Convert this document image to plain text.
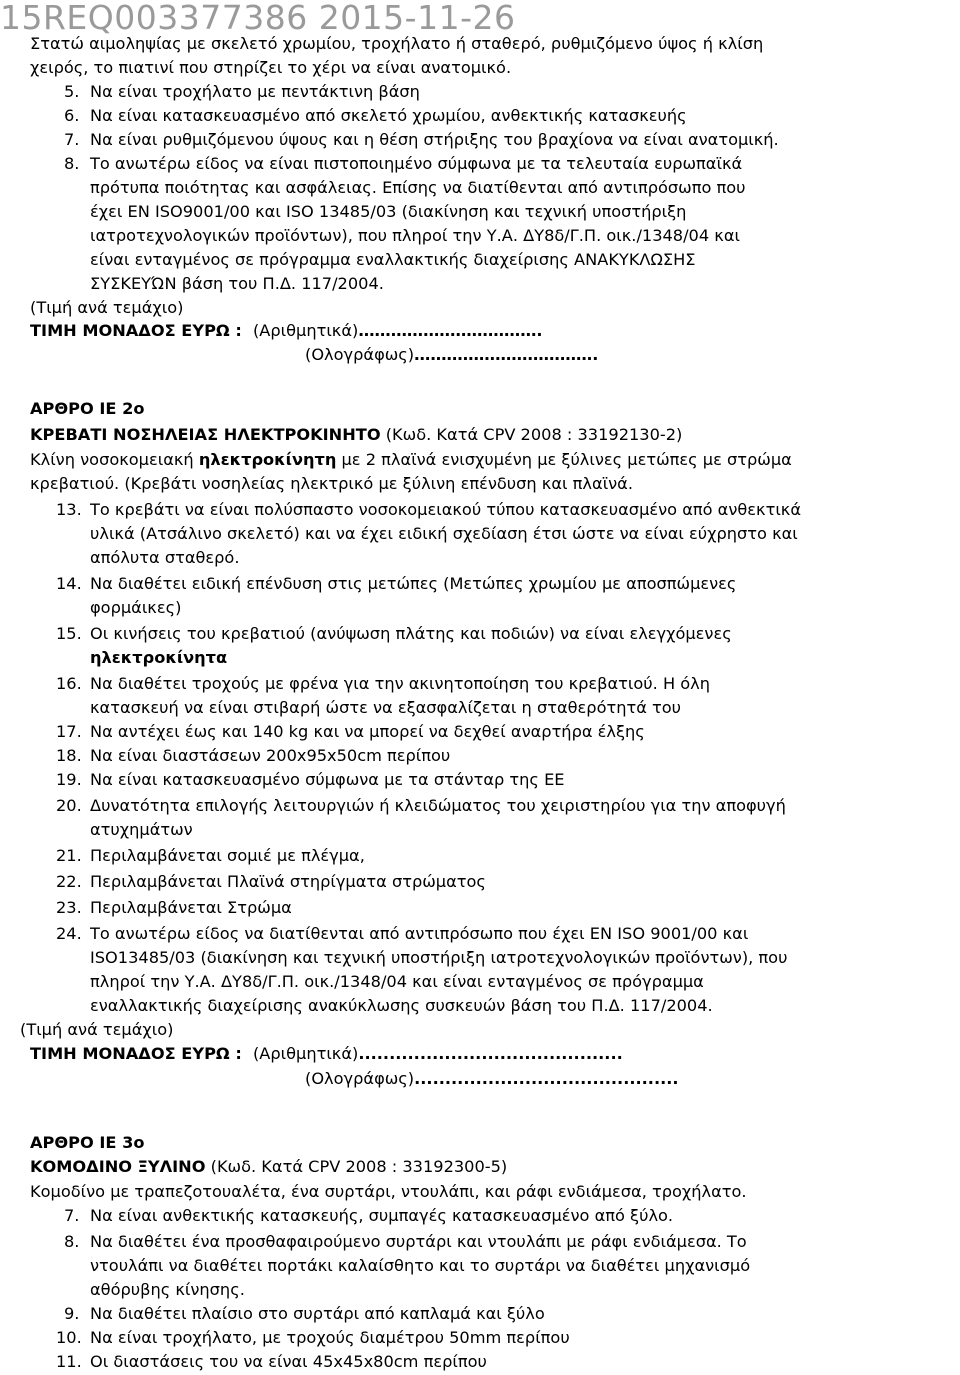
15REQ003377386 2015-11-26
Στατώ αιμοληψίας με σκελετό χρωμίου, τροχήλατο ή σταθερό, ρυθμιζόμενο ύψος ή κλίση
χειρός, το πιατινί που στηρίζει το χέρι να είναι ανατομικό.
5. Να είναι τροχήλατο με πεντάκτινη βάση
6. Να είναι κατασκευασμένο από σκελετό χρωμίου, ανθεκτικής κατασκευής
7. Να είναι ρυθμιζόμενου ύψους και η θέση στήριξης του βραχίονα να είναι ανατομική.
8. Το ανωτέρω είδος να είναι πιστοποιημένο σύμφωνα με τα τελευταία ευρωπαϊκά
πρότυπα ποιότητας και ασφάλειας. Επίσης να διατίθενται από αντιπρόσωπο που
έχει EN ISO9001/00 και ISO 13485/03 (διακίνηση και τεχνική υποστήριξη
ιατροτεχνολογικών προϊόντων), που πληροί την Υ.Α. ΔΥ8δ/Γ.Π. οικ./1348/04 και
είναι ενταγμένος σε πρόγραμμα εναλλακτικής διαχείρισης ΑΝΑΚΥΚΛΩΣΗΣ
ΣΥΣΚΕΥΏΝ βάση του Π.Δ. 117/2004.
(Τιμή ανά τεμάχιο)
ΤΙΜΗ ΜΟΝΑΔΟΣ ΕΥΡΩ : (Αριθμητικά)…………………………….
(Ολογράφως)…………………………….
ΑΡΘΡΟ ΙΕ 2ο
ΚΡΕΒΑΤΙ ΝΟΣΗΛΕΙΑΣ ΗΛΕΚΤΡΟΚΙΝΗΤΟ (Κωδ. Κατά CPV 2008 : 33192130-2)
Κλίνη νοσοκομειακή ηλεκτροκίνητη με 2 πλαϊνά ενισχυμένη με ξύλινες μετώπες με στρώμα
κρεβατιού. (Κρεβάτι νοσηλείας ηλεκτρικό με ξύλινη επένδυση και πλαϊνά.
13. Το κρεβάτι να είναι πολύσπαστο νοσοκομειακού τύπου κατασκευασμένο από ανθεκτικά
υλικά (Ατσάλινο σκελετό) και να έχει ειδική σχεδίαση έτσι ώστε να είναι εύχρηστο και
απόλυτα σταθερό.
14. Να διαθέτει ειδική επένδυση στις μετώπες (Μετώπες χρωμίου με αποσπώμενες
φορμάικες)
15. Οι κινήσεις του κρεβατιού (ανύψωση πλάτης και ποδιών) να είναι ελεγχόμενες
ηλεκτροκίνητα
16. Να διαθέτει τροχούς με φρένα για την ακινητοποίηση του κρεβατιού. Η όλη
κατασκευή να είναι στιβαρή ώστε να εξασφαλίζεται η σταθερότητά του
17. Να αντέχει έως και 140 kg και να μπορεί να δεχθεί αναρτήρα έλξης
18. Να είναι διαστάσεων 200x95x50cm περίπου
19. Να είναι κατασκευασμένο σύμφωνα με τα στάνταρ της ΕΕ
20. Δυνατότητα επιλογής λειτουργιών ή κλειδώματος του χειριστηρίου για την αποφυγή
ατυχημάτων
21. Περιλαμβάνεται σομιέ με πλέγμα,
22. Περιλαμβάνεται Πλαϊνά στηρίγματα στρώματος
23. Περιλαμβάνεται Στρώμα
24. Το ανωτέρω είδος να διατίθενται από αντιπρόσωπο που έχει EN ISO 9001/00 και
ISO13485/03 (διακίνηση και τεχνική υποστήριξη ιατροτεχνολογικών προϊόντων), που
πληροί την Υ.Α. ΔΥ8δ/Γ.Π. οικ./1348/04 και είναι ενταγμένος σε πρόγραμμα
εναλλακτικής διαχείρισης ανακύκλωσης συσκευών βάση του Π.Δ. 117/2004.
(Τιμή ανά τεμάχιο)
ΤΙΜΗ ΜΟΝΑΔΟΣ ΕΥΡΩ : (Αριθμητικά)...........................................
(Ολογράφως)...........................................
ΑΡΘΡΟ ΙΕ 3ο
ΚΟΜΟΔΙΝΟ ΞΥΛΙΝΟ (Κωδ. Κατά CPV 2008 : 33192300-5)
Κομοδίνο με τραπεζοτουαλέτα, ένα συρτάρι, ντουλάπι, και ράφι ενδιάμεσα, τροχήλατο.
7. Να είναι ανθεκτικής κατασκευής, συμπαγές κατασκευασμένο από ξύλο.
8. Να διαθέτει ένα προσθαφαιρούμενο συρτάρι και ντουλάπι με ράφι ενδιάμεσα. Το
ντουλάπι να διαθέτει πορτάκι καλαίσθητο και το συρτάρι να διαθέτει μηχανισμό
αθόρυβης κίνησης.
9. Να διαθέτει πλαίσιο στο συρτάρι από καπλαμά και ξύλο
10. Να είναι τροχήλατο, με τροχούς διαμέτρου 50mm περίπου
11. Οι διαστάσεις του να είναι 45x45x80cm περίπου
